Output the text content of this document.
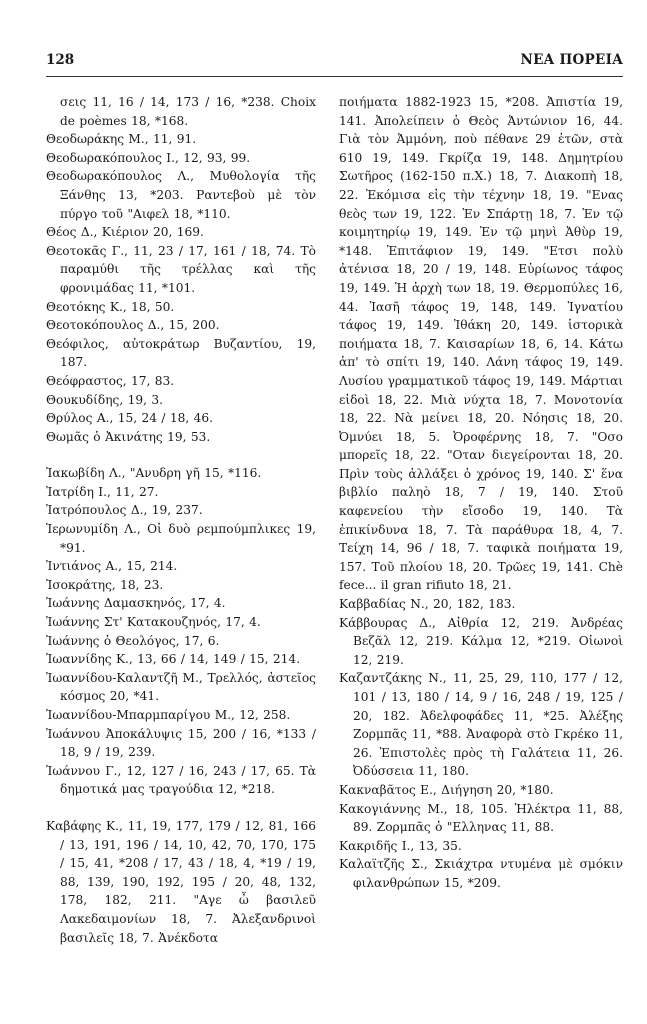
128	ΝΕΑ ΠΟΡΕΙΑ

σεις 11, 16 / 14, 173 / 16, *238. Choix de poèmes 18, *168.

Θεοδωράκης Μ., 11, 91.

Θεοδωρακόπουλος Ι., 12, 93, 99.

Θεοδωρακόπουλος Λ., Μυθολογία τῆς Ξάνθης 13, *203. Ραντεβοὺ μὲ τὸν πύργο τοῦ "Αιφελ 18, *110.

Θέος Δ., Κιέριον 20, 169.

Θεοτοκᾶς Γ., 11, 23 / 17, 161 / 18, 74. Τὸ παραμύθι τῆς τρέλλας καὶ τῆς φρονιμάδας 11, *101.

Θεοτόκης Κ., 18, 50.

Θεοτοκόπουλος Δ., 15, 200.

Θεόφιλος, αὐτοκράτωρ Βυζαντίου, 19, 187.

Θεόφραστος, 17, 83.

Θουκυδίδης, 19, 3.

Θρύλος Α., 15, 24 / 18, 46.

Θωμᾶς ὁ Ἀκινάτης 19, 53.

Ἰακωβίδη Λ., "Ανυδρη γῆ 15, *116.

Ἰατρίδη Ι., 11, 27.

Ἰατρόπουλος Δ., 19, 237.

Ἱερωνυμίδη Λ., Οἱ δυὸ ρεμπούμπλικες 19, *91.

Ἰντιάνος Α., 15, 214.

Ἰσοκράτης, 18, 23.

Ἰωάννης Δαμασκηνός, 17, 4.

Ἰωάννης Στ' Κατακουζηνός, 17, 4.

Ἰωάννης ὁ Θεολόγος, 17, 6.

Ἰωαννίδης Κ., 13, 66 / 14, 149 / 15, 214.

Ἰωαννίδου-Καλαντζῆ Μ., Τρελλός, ἀστεῖος κόσμος 20, *41.

Ἰωαννίδου-Μπαρμπαρίγου Μ., 12, 258.

Ἰωάννου Ἀποκάλυψις 15, 200 / 16, *133 / 18, 9 / 19, 239.

Ἰωάννου Γ., 12, 127 / 16, 243 / 17, 65. Τὰ δημοτικά μας τραγούδια 12, *218.

Καβάφης Κ., 11, 19, 177, 179 / 12, 81, 166 / 13, 191, 196 / 14, 10, 42, 70, 170, 175 / 15, 41, *208 / 17, 43 / 18, 4, *19 / 19, 88, 139, 190, 192, 195 / 20, 48, 132, 178, 182, 211. "Αγε ὦ βασιλεῦ Λακεδαιμονίων 18, 7. Ἀλεξανδρινοὶ βασιλεῖς 18, 7. Ἀνέκδοτα

ποιήματα 1882-1923 15, *208. Ἀπιστία 19, 141. Ἀπολείπειν ὁ Θεὸς Ἀντώνιον 16, 44. Γιὰ τὸν Ἀμμόνη, ποὺ πέθανε 29 ἐτῶν, στὰ 610 19, 149. Γκρίζα 19, 148. Δημητρίου Σωτῆρος (162-150 π.Χ.) 18, 7. Διακοπὴ 18, 22. Ἐκόμισα εἰς τὴν τέχνην 18, 19. "Ενας θεὸς των 19, 122. Ἐν Σπάρτῃ 18, 7. Ἐν τῷ κοιμητηρίῳ 19, 149. Ἐν τῷ μηνὶ Ἀθὺρ 19, *148. Ἐπιτάφιον 19, 149. "Ετσι πολὺ ἀτένισα 18, 20 / 19, 148. Εὐρίωνος τάφος 19, 149. Ἡ ἀρχὴ των 18, 19. Θερμοπύλες 16, 44. Ἰασῆ τάφος 19, 148, 149. Ἰγνατίου τάφος 19, 149. Ἰθάκη 20, 149. ἱστορικὰ ποιήματα 18, 7. Καισαρίων 18, 6, 14. Κάτω ἀπ' τὸ σπίτι 19, 140. Λάνη τάφος 19, 149. Λυσίου γραμματικοῦ τάφος 19, 149. Μάρτιαι εἰδοὶ 18, 22. Μιὰ νύχτα 18, 7. Μονοτονία 18, 22. Νὰ μείνει 18, 20. Νόησις 18, 20. Ὀμνύει 18, 5. Ὀροφέρνης 18, 7. "Οσο μπορεῖς 18, 22. "Οταν διεγείρονται 18, 20. Πρὶν τοὺς ἀλλάξει ὁ χρόνος 19, 140. Σ' ἕνα βιβλίο παληὸ 18, 7 / 19, 140. Στοῦ καφενείου τὴν εἴσοδο 19, 140. Τὰ ἐπικίνδυνα 18, 7. Τὰ παράθυρα 18, 4, 7. Τείχη 14, 96 / 18, 7. ταφικὰ ποιήματα 19, 157. Τοῦ πλοίου 18, 20. Τρῶες 19, 141. Chè fece... il gran rifiuto 18, 21.

Καββαδίας Ν., 20, 182, 183.

Κάββουρας Δ., Αἰθρία 12, 219. Ἀνδρέας Βεζᾶλ 12, 219. Κάλμα 12, *219. Οἰωνοὶ 12, 219.

Καζαντζάκης Ν., 11, 25, 29, 110, 177 / 12, 101 / 13, 180 / 14, 9 / 16, 248 / 19, 125 / 20, 182. Ἀδελφοφάδες 11, *25. Ἀλέξης Ζορμπᾶς 11, *88. Ἀναφορὰ στὸ Γκρέκο 11, 26. Ἐπιστολὲς πρὸς τὴ Γαλάτεια 11, 26. Ὀδύσσεια 11, 180.

Κακναβᾶτος Ε., Διήγηση 20, *180.

Κακογιάννης Μ., 18, 105. Ἠλέκτρα 11, 88, 89. Ζορμπᾶς ὁ "Ελληνας 11, 88.

Κακριδῆς Ι., 13, 35.

Καλαϊτζῆς Σ., Σκιάχτρα ντυμένα μὲ σμόκιν φιλανθρώπων 15, *209.
